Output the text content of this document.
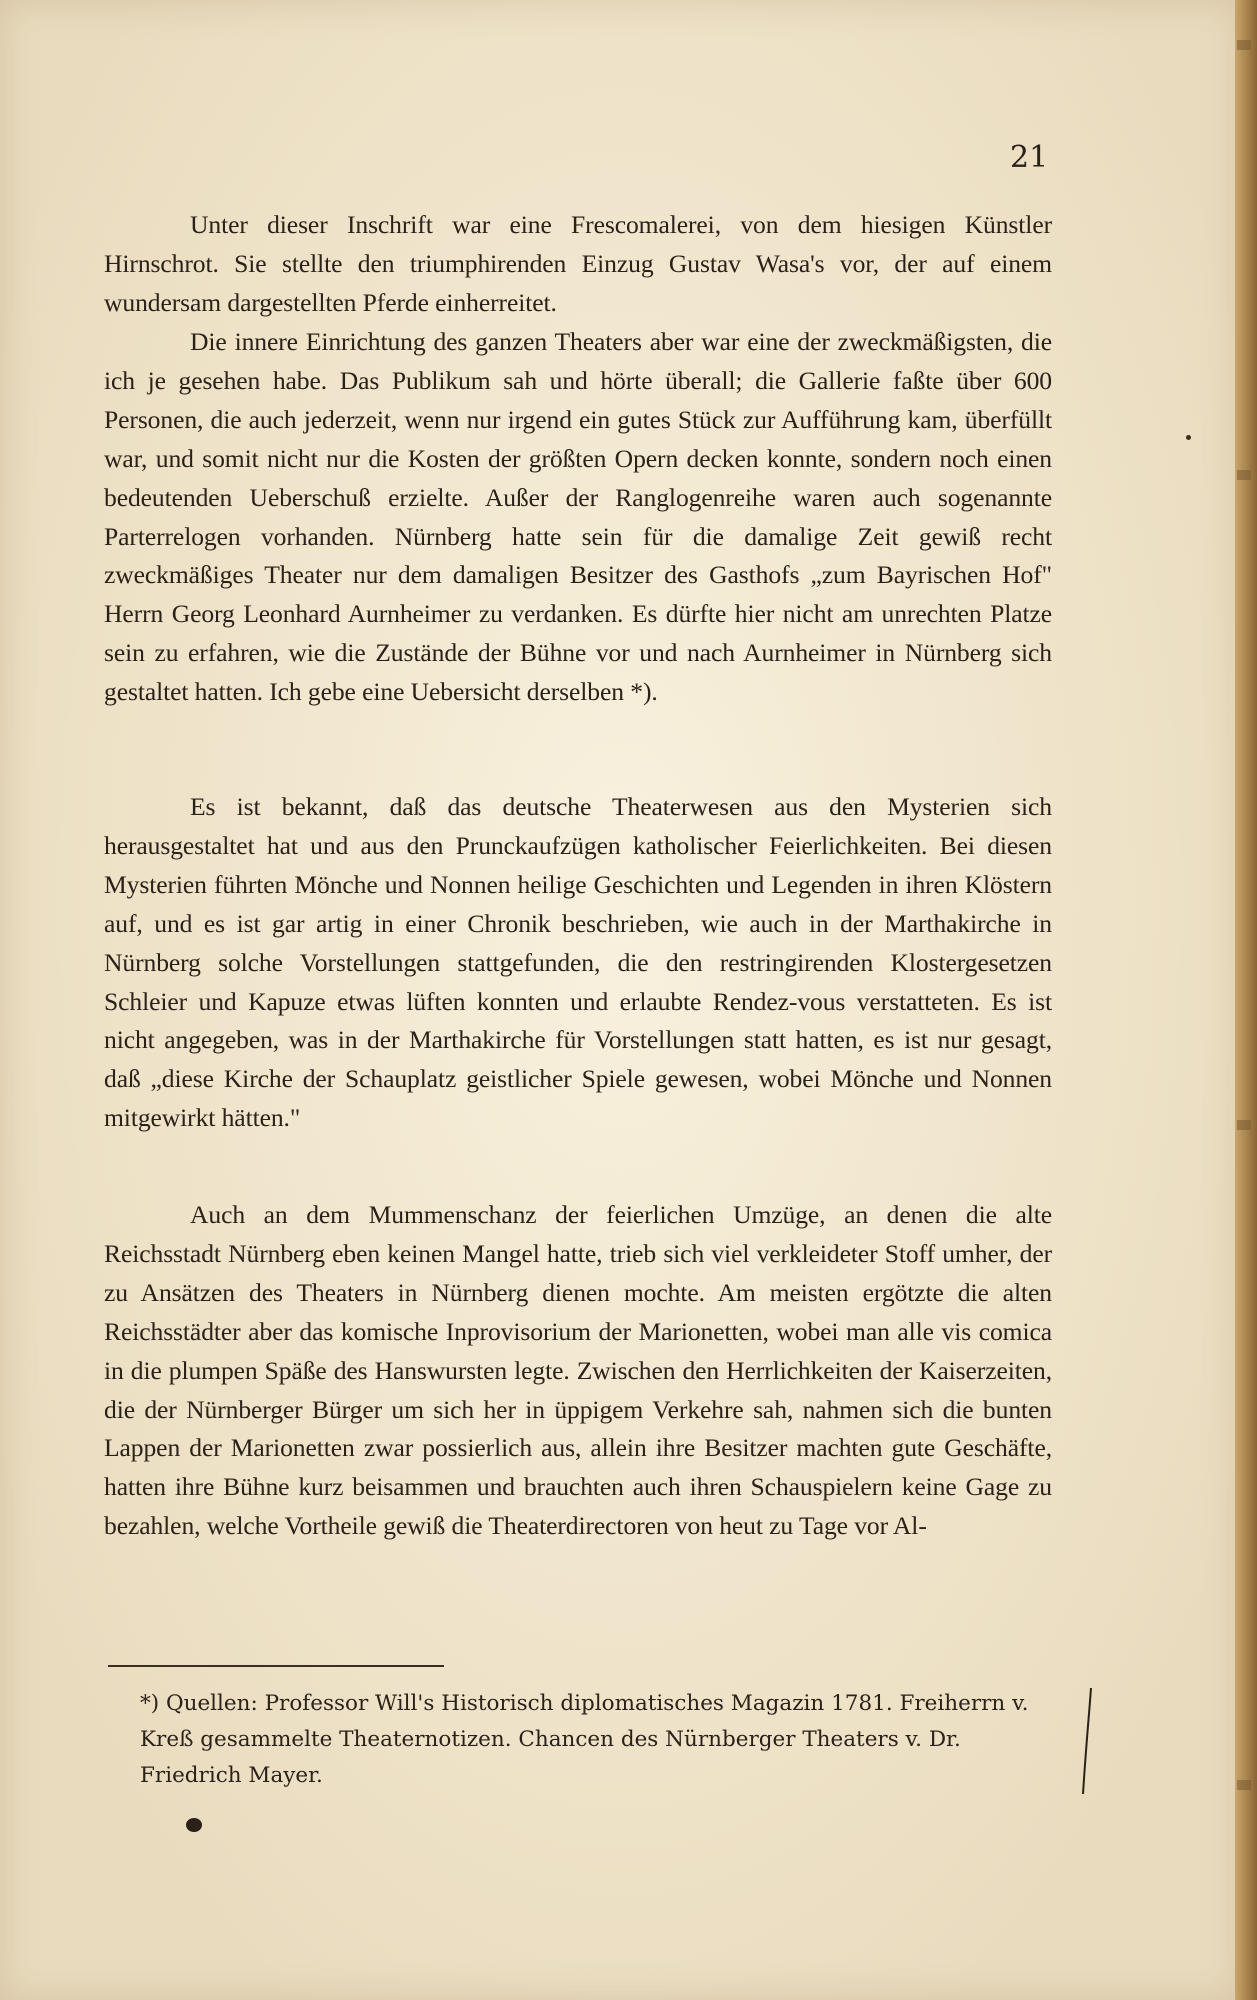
21

Unter dieser Inschrift war eine Frescomalerei, von dem hiesigen Künstler Hirnschrot. Sie stellte den triumphirenden Einzug Gustav Wasa's vor, der auf einem wundersam dargestellten Pferde einherreitet.

Die innere Einrichtung des ganzen Theaters aber war eine der zweckmäßigsten, die ich je gesehen habe. Das Publikum sah und hörte überall; die Gallerie faßte über 600 Personen, die auch jederzeit, wenn nur irgend ein gutes Stück zur Aufführung kam, überfüllt war, und somit nicht nur die Kosten der größten Opern decken konnte, sondern noch einen bedeutenden Ueberschuß erzielte. Außer der Ranglogenreihe waren auch sogenannte Parterrelogen vorhanden. Nürnberg hatte sein für die damalige Zeit gewiß recht zweckmäßiges Theater nur dem damaligen Besitzer des Gasthofs „zum Bayrischen Hof" Herrn Georg Leonhard Aurnheimer zu verdanken. Es dürfte hier nicht am unrechten Platze sein zu erfahren, wie die Zustände der Bühne vor und nach Aurnheimer in Nürnberg sich gestaltet hatten. Ich gebe eine Uebersicht derselben *).

Es ist bekannt, daß das deutsche Theaterwesen aus den Mysterien sich herausgestaltet hat und aus den Prunckaufzügen katholischer Feierlichkeiten. Bei diesen Mysterien führten Mönche und Nonnen heilige Geschichten und Legenden in ihren Klöstern auf, und es ist gar artig in einer Chronik beschrieben, wie auch in der Marthakirche in Nürnberg solche Vorstellungen stattgefunden, die den restringirenden Klostergesetzen Schleier und Kapuze etwas lüften konnten und erlaubte Rendez-vous verstatteten. Es ist nicht angegeben, was in der Marthakirche für Vorstellungen statt hatten, es ist nur gesagt, daß „diese Kirche der Schauplatz geistlicher Spiele gewesen, wobei Mönche und Nonnen mitgewirkt hätten."

Auch an dem Mummenschanz der feierlichen Umzüge, an denen die alte Reichsstadt Nürnberg eben keinen Mangel hatte, trieb sich viel verkleideter Stoff umher, der zu Ansätzen des Theaters in Nürnberg dienen mochte. Am meisten ergötzte die alten Reichsstädter aber das komische Inprovisorium der Marionetten, wobei man alle vis comica in die plumpen Späße des Hanswursten legte. Zwischen den Herrlichkeiten der Kaiserzeiten, die der Nürnberger Bürger um sich her in üppigem Verkehre sah, nahmen sich die bunten Lappen der Marionetten zwar possierlich aus, allein ihre Besitzer machten gute Geschäfte, hatten ihre Bühne kurz beisammen und brauchten auch ihren Schauspielern keine Gage zu bezahlen, welche Vortheile gewiß die Theaterdirectoren von heut zu Tage vor Al-

*) Quellen: Professor Will's Historisch diplomatisches Magazin 1781. Freiherrn v. Kreß gesammelte Theaternotizen. Chancen des Nürnberger Theaters v. Dr. Friedrich Mayer.
